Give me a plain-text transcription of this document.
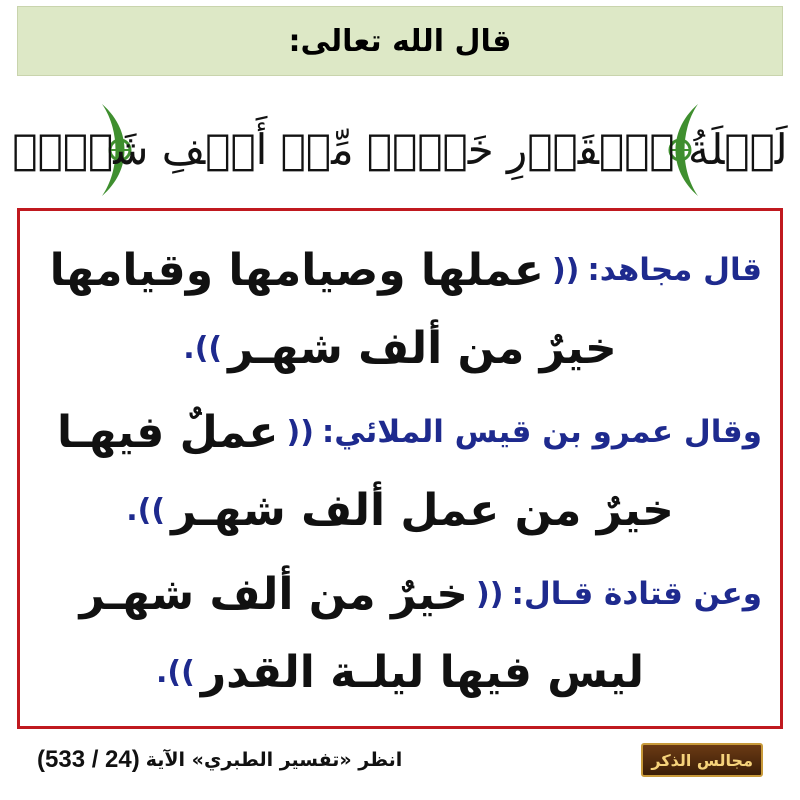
قال الله تعالى:
لَيۡلَةُ ٱلۡقَدۡرِ خَيۡرٞ مِّنۡ أَلۡفِ شَهۡرٖ
قال مجاهد:
((
عملها وصيامها وقيامها
خيرٌ من ألف شهـر
)).
وقال عمرو بن قيس الملائي:
((
عملٌ فيهـا
خيرٌ من عمل ألف شهـر
)).
وعن قتادة قـال:
((
خيرٌ من ألف شهـر
ليس فيها ليلـة القدر
)).
مجالس الذكر
انظر «تفسير الطبري» الآية
(533 / 24)
